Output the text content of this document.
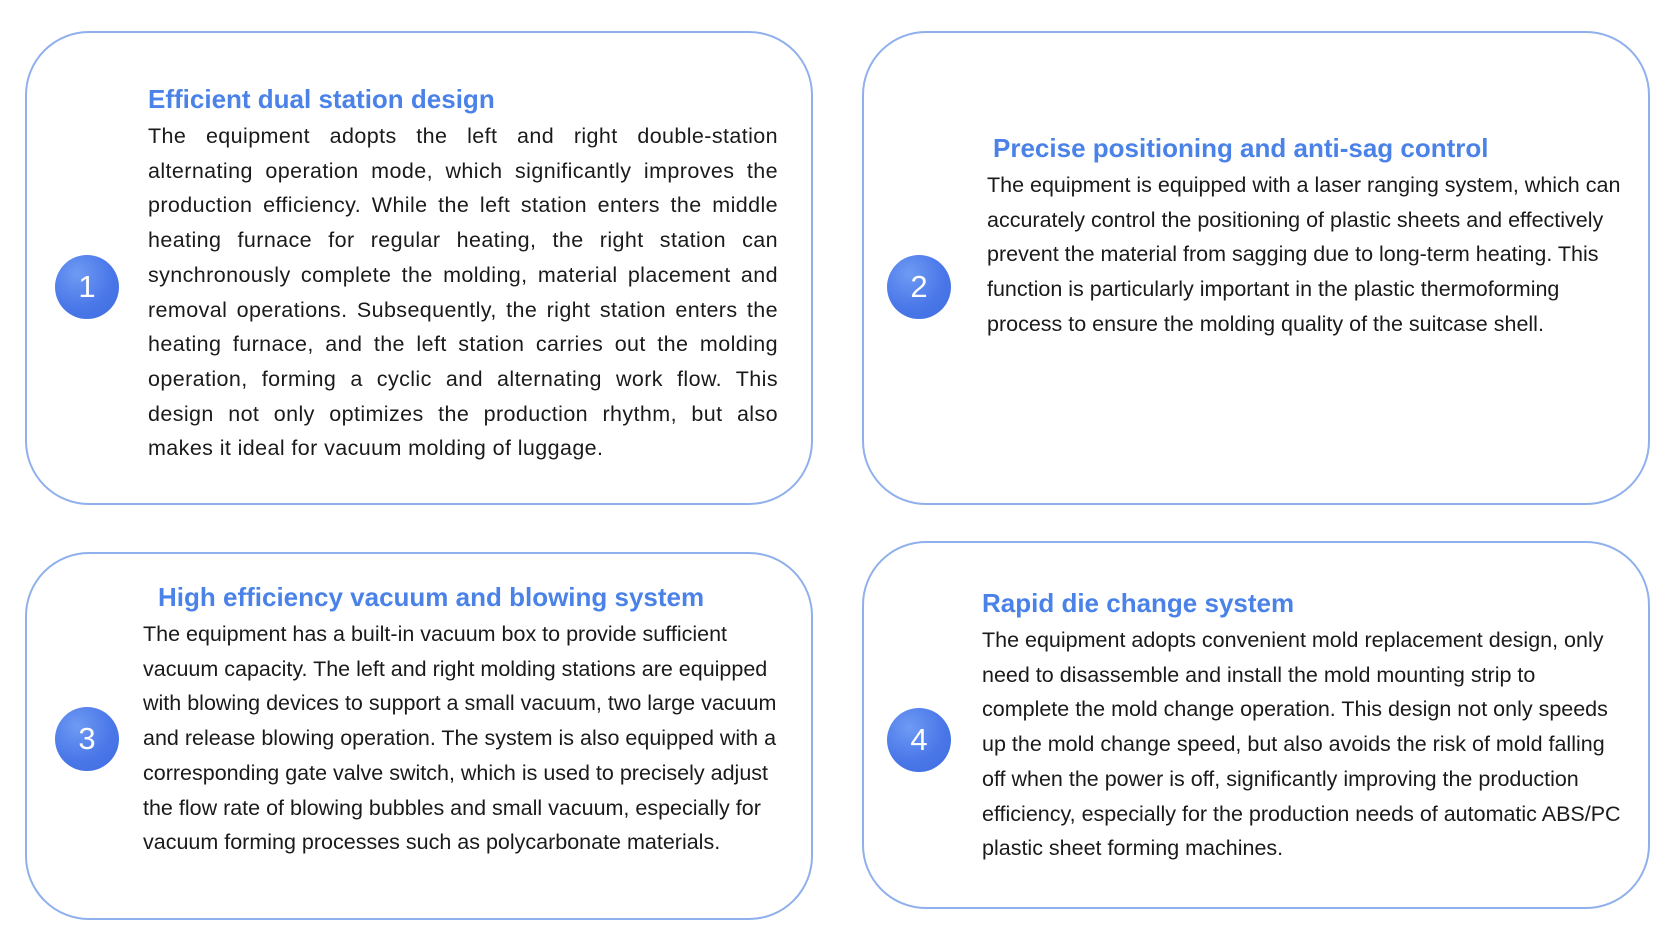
1
Efficient dual station design

The equipment adopts the left and right double-station alternating operation mode, which significantly improves the production efficiency. While the left station enters the middle heating furnace for regular heating, the right station can synchronously complete the molding, material placement and removal operations. Subsequently, the right station enters the heating furnace, and the left station carries out the molding operation, forming a cyclic and alternating work flow. This design not only optimizes the production rhythm, but also makes it ideal for vacuum molding of luggage.

2
Precise positioning and anti-sag control

The equipment is equipped with a laser ranging system, which can accurately control the positioning of plastic sheets and effectively prevent the material from sagging due to long-term heating. This function is particularly important in the plastic thermoforming process to ensure the molding quality of the suitcase shell.

3
High efficiency vacuum and blowing system

The equipment has a built-in vacuum box to provide sufficient vacuum capacity. The left and right molding stations are equipped with blowing devices to support a small vacuum, two large vacuum and release blowing operation. The system is also equipped with a corresponding gate valve switch, which is used to precisely adjust the flow rate of blowing bubbles and small vacuum, especially for vacuum forming processes such as polycarbonate materials.

4
Rapid die change system

The equipment adopts convenient mold replacement design, only need to disassemble and install the mold mounting strip to complete the mold change operation. This design not only speeds up the mold change speed, but also avoids the risk of mold falling off when the power is off, significantly improving the production efficiency, especially for the production needs of automatic ABS/PC plastic sheet forming machines.
